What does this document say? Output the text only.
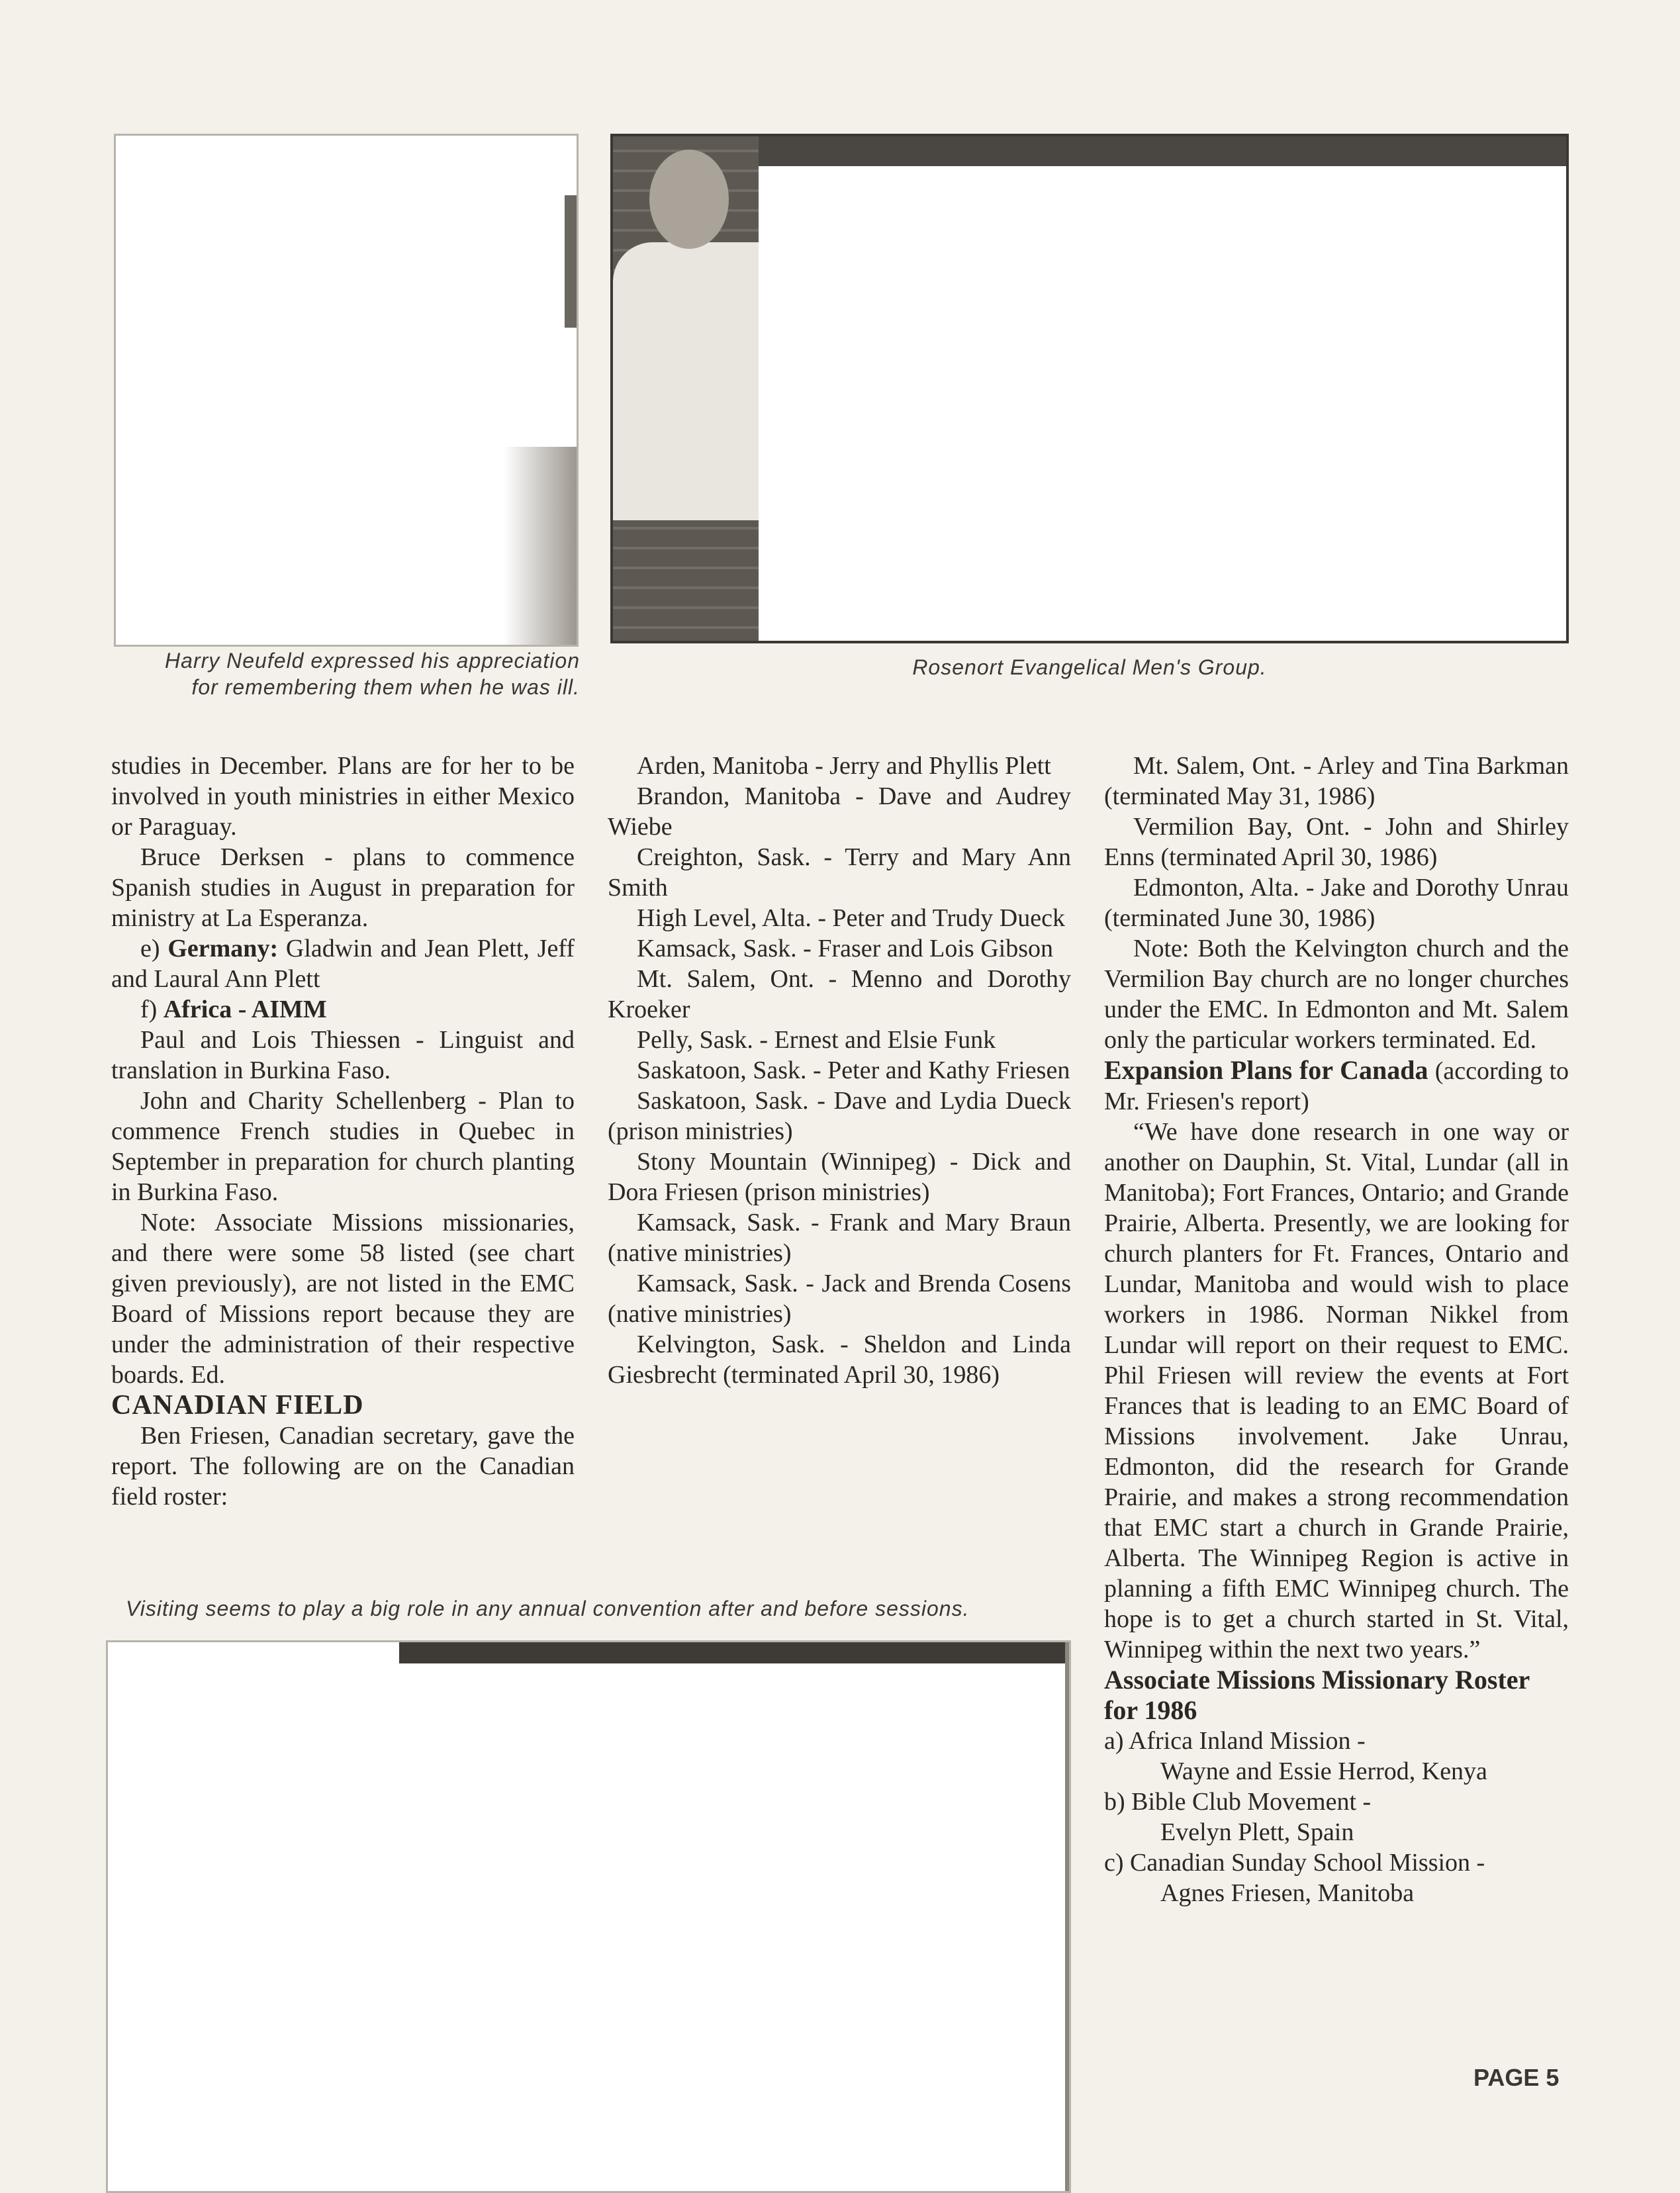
Harry Neufeld expressed his appreciation
for remembering them when he was ill.
Rosenort Evangelical Men's Group.

studies in December. Plans are for her to be involved in youth ministries in either Mexico or Paraguay.

Bruce Derksen - plans to commence Spanish studies in August in preparation for ministry at La Esperanza.

e) Germany: Gladwin and Jean Plett, Jeff and Laural Ann Plett

f) Africa - AIMM

Paul and Lois Thiessen - Linguist and translation in Burkina Faso.

John and Charity Schellenberg - Plan to commence French studies in Quebec in September in preparation for church planting in Burkina Faso.

Note: Associate Missions missionaries, and there were some 58 listed (see chart given previously), are not listed in the EMC Board of Missions report because they are under the administration of their respective boards. Ed.

CANADIAN FIELD

Ben Friesen, Canadian secretary, gave the report. The following are on the Canadian field roster:

Arden, Manitoba - Jerry and Phyllis Plett

Brandon, Manitoba - Dave and Audrey Wiebe

Creighton, Sask. - Terry and Mary Ann Smith

High Level, Alta. - Peter and Trudy Dueck

Kamsack, Sask. - Fraser and Lois Gibson

Mt. Salem, Ont. - Menno and Dorothy Kroeker

Pelly, Sask. - Ernest and Elsie Funk

Saskatoon, Sask. - Peter and Kathy Friesen

Saskatoon, Sask. - Dave and Lydia Dueck (prison ministries)

Stony Mountain (Winnipeg) - Dick and Dora Friesen (prison ministries)

Kamsack, Sask. - Frank and Mary Braun (native ministries)

Kamsack, Sask. - Jack and Brenda Cosens (native ministries)

Kelvington, Sask. - Sheldon and Linda Giesbrecht (terminated April 30, 1986)

Mt. Salem, Ont. - Arley and Tina Barkman (terminated May 31, 1986)

Vermilion Bay, Ont. - John and Shirley Enns (terminated April 30, 1986)

Edmonton, Alta. - Jake and Dorothy Unrau (terminated June 30, 1986)

Note: Both the Kelvington church and the Vermilion Bay church are no longer churches under the EMC. In Edmonton and Mt. Salem only the particular workers terminated. Ed.

Expansion Plans for Canada (according to Mr. Friesen's report)

“We have done research in one way or another on Dauphin, St. Vital, Lundar (all in Manitoba); Fort Frances, Ontario; and Grande Prairie, Alberta. Presently, we are looking for church planters for Ft. Frances, Ontario and Lundar, Manitoba and would wish to place workers in 1986. Norman Nikkel from Lundar will report on their request to EMC. Phil Friesen will review the events at Fort Frances that is leading to an EMC Board of Missions involvement. Jake Unrau, Edmonton, did the research for Grande Prairie, and makes a strong recommendation that EMC start a church in Grande Prairie, Alberta. The Winnipeg Region is active in planning a fifth EMC Winnipeg church. The hope is to get a church started in St. Vital, Winnipeg within the next two years.”

Associate Missions Missionary Roster for 1986

a) Africa Inland Mission -

Wayne and Essie Herrod, Kenya

b) Bible Club Movement -

Evelyn Plett, Spain

c) Canadian Sunday School Mission -

Agnes Friesen, Manitoba

Visiting seems to play a big role in any annual convention after and before sessions.
PAGE 5
